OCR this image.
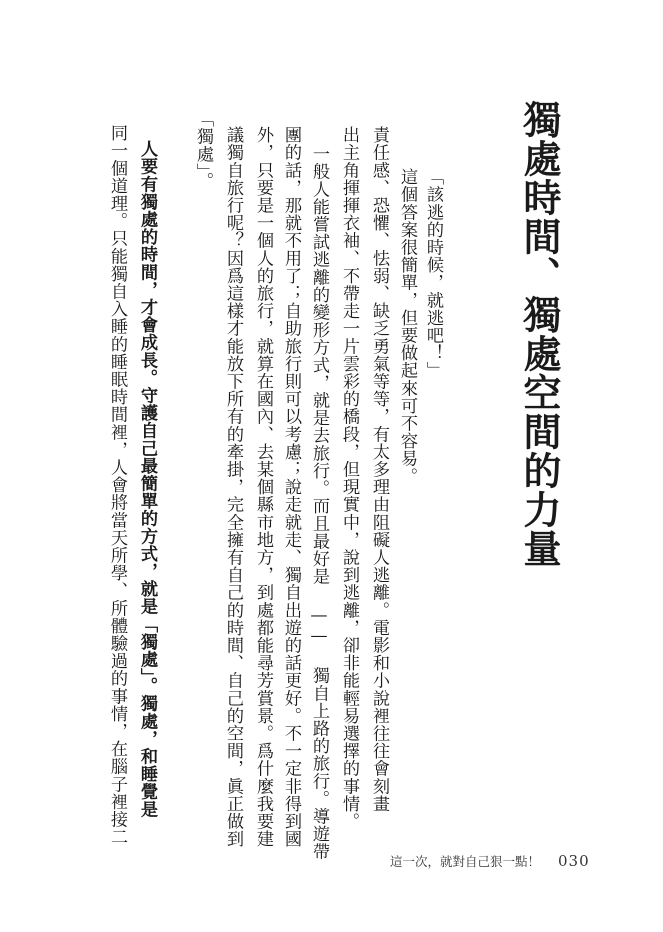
獨處時間、獨處空間的力量
「該逃的時候，就逃吧！」
這個答案很簡單，但要做起來可不容易。
責任感、恐懼、怯弱、缺乏勇氣等等，有太多理由阻礙人逃離。電影和小說裡往往會刻畫
出主角揮揮衣袖、不帶走一片雲彩的橋段，但現實中，說到逃離，卻非能輕易選擇的事情。
一般人能嘗試逃離的變形方式，就是去旅行。而且最好是 —— 獨自上路的旅行。導遊帶
團的話，那就不用了；自助旅行則可以考慮；說走就走、獨自出遊的話更好。不一定非得到國
外，只要是一個人的旅行，就算在國內、去某個縣市地方，到處都能尋芳賞景。爲什麼我要建
議獨自旅行呢？因爲這樣才能放下所有的牽掛，完全擁有自己的時間、自己的空間，眞正做到
「獨處」。
人要有獨處的時間，才會成長。守護自己最簡單的方式，就是「獨處」。獨處，和睡覺是
同一個道理。只能獨自入睡的睡眠時間裡，人會將當天所學、所體驗過的事情，在腦子裡接二
這一次，就對自己狠一點！ 030
